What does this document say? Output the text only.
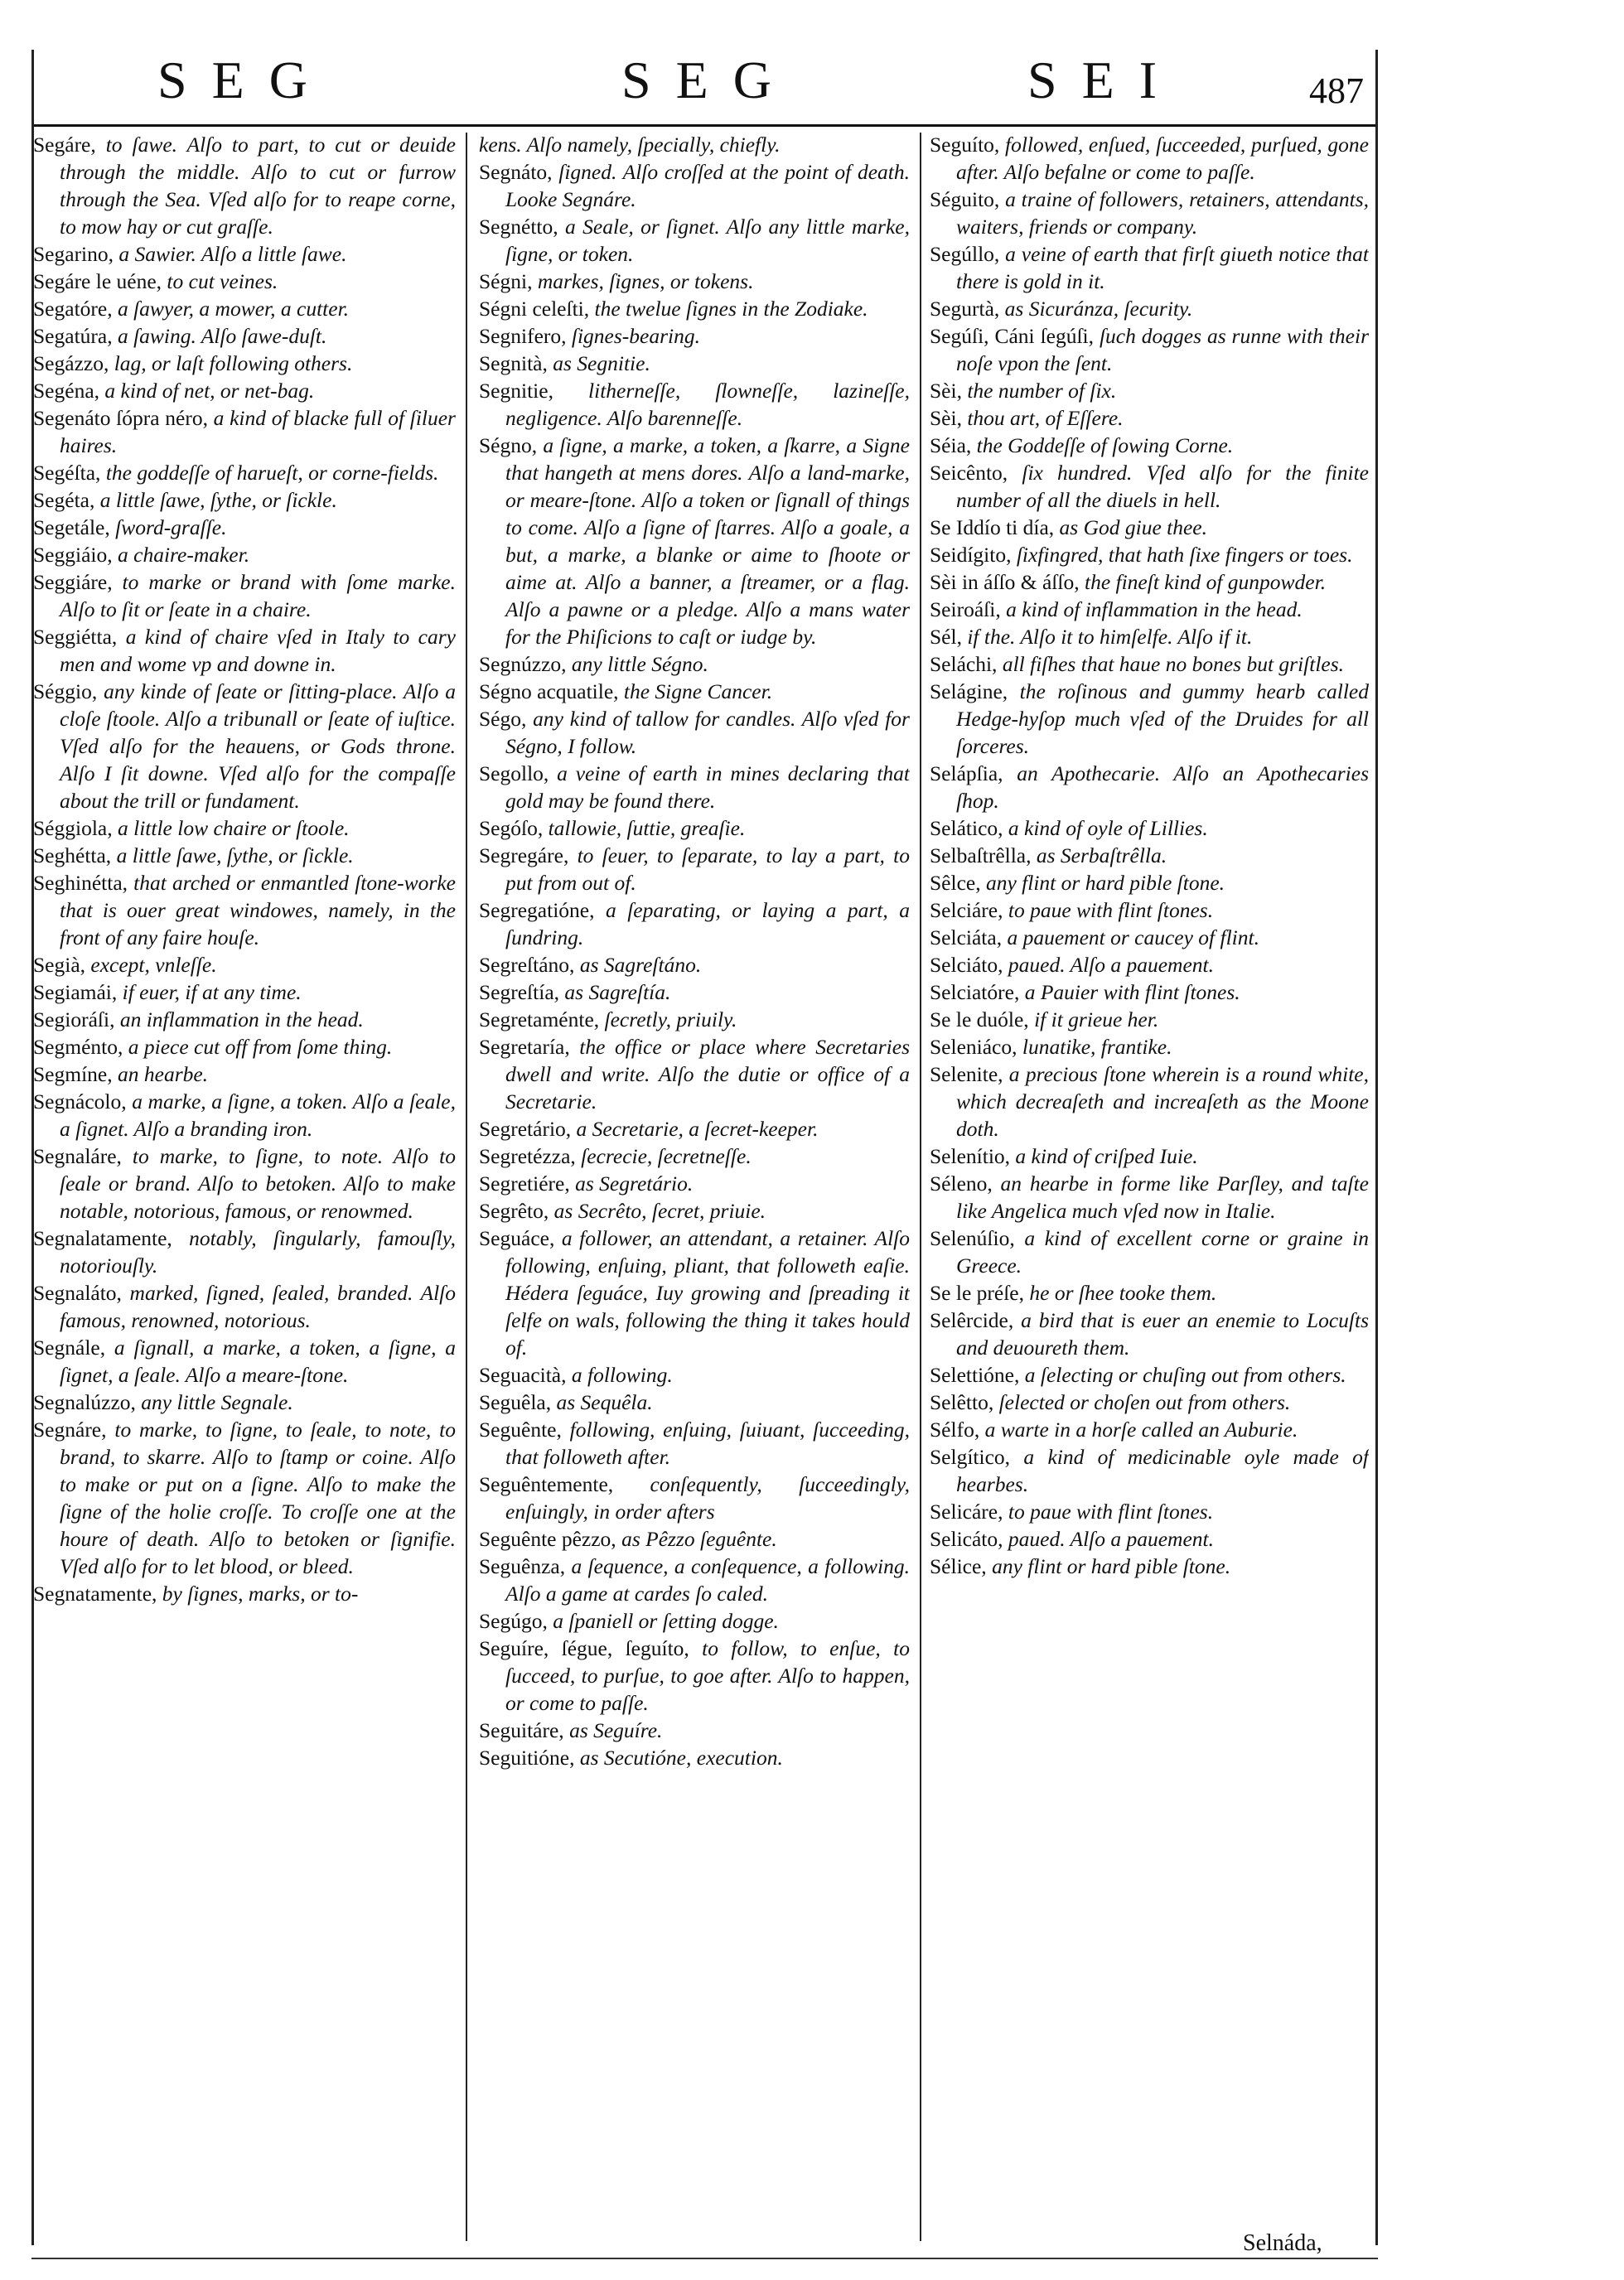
SEG	SEG	SEI	487

Segáre, to ſawe. Alſo to part, to cut or deuide through the middle. Alſo to cut or furrow through the Sea. Vſed alſo for to reape corne, to mow hay or cut graſſe.

Segarino, a Sawier. Alſo a little ſawe.

Segáre le uéne, to cut veines.

Segatóre, a ſawyer, a mower, a cutter.

Segatúra, a ſawing. Alſo ſawe-duſt.

Segázzo, lag, or laſt following others.

Segéna, a kind of net, or net-bag.

Segenáto ſópra néro, a kind of blacke full of ſiluer haires.

Segéſta, the goddeſſe of harueſt, or corne-fields.

Segéta, a little ſawe, ſythe, or ſickle.

Segetále, ſword-graſſe.

Seggiáio, a chaire-maker.

Seggiáre, to marke or brand with ſome marke. Alſo to ſit or ſeate in a chaire.

Seggiétta, a kind of chaire vſed in Italy to cary men and wome vp and downe in.

Séggio, any kinde of ſeate or ſitting-place. Alſo a cloſe ſtoole. Alſo a tribunall or ſeate of iuſtice. Vſed alſo for the heauens, or Gods throne. Alſo I ſit downe. Vſed alſo for the compaſſe about the trill or fundament.

Séggiola, a little low chaire or ſtoole.

Seghétta, a little ſawe, ſythe, or ſickle.

Seghinétta, that arched or enmantled ſtone-worke that is ouer great windowes, namely, in the front of any faire houſe.

Segià, except, vnleſſe.

Segiamái, if euer, if at any time.

Segioráſi, an inflammation in the head.

Segménto, a piece cut off from ſome thing.

Segmíne, an hearbe.

Segnácolo, a marke, a ſigne, a token. Alſo a ſeale, a ſignet. Alſo a branding iron.

Segnaláre, to marke, to ſigne, to note. Alſo to ſeale or brand. Alſo to betoken. Alſo to make notable, notorious, famous, or renowmed.

Segnalatamente, notably, ſingularly, famouſly, notoriouſly.

Segnaláto, marked, ſigned, ſealed, branded. Alſo famous, renowned, notorious.

Segnále, a ſignall, a marke, a token, a ſigne, a ſignet, a ſeale. Alſo a meare-ſtone.

Segnalúzzo, any little Segnale.

Segnáre, to marke, to ſigne, to ſeale, to note, to brand, to skarre. Alſo to ſtamp or coine. Alſo to make or put on a ſigne. Alſo to make the ſigne of the holie croſſe. To croſſe one at the houre of death. Alſo to betoken or ſignifie. Vſed alſo for to let blood, or bleed.

Segnatamente, by ſignes, marks, or to-

kens. Alſo namely, ſpecially, chiefly.

Segnáto, ſigned. Alſo croſſed at the point of death. Looke Segnáre.

Segnétto, a Seale, or ſignet. Alſo any little marke, ſigne, or token.

Ségni, markes, ſignes, or tokens.

Ségni celeſti, the twelue ſignes in the Zodiake.

Segnifero, ſignes-bearing.

Segnità, as Segnitie.

Segnitie, litherneſſe, ſlowneſſe, lazineſſe, negligence. Alſo barenneſſe.

Ségno, a ſigne, a marke, a token, a ſkarre, a Signe that hangeth at mens dores. Alſo a land-marke, or meare-ſtone. Alſo a token or ſignall of things to come. Alſo a ſigne of ſtarres. Alſo a goale, a but, a marke, a blanke or aime to ſhoote or aime at. Alſo a banner, a ſtreamer, or a flag. Alſo a pawne or a pledge. Alſo a mans water for the Phiſicions to caſt or iudge by.

Segnúzzo, any little Ségno.

Ségno acquatile, the Signe Cancer.

Ségo, any kind of tallow for candles. Alſo vſed for Ségno, I follow.

Segollo, a veine of earth in mines declaring that gold may be found there.

Segóſo, tallowie, ſuttie, greaſie.

Segregáre, to ſeuer, to ſeparate, to lay a part, to put from out of.

Segregatióne, a ſeparating, or laying a part, a ſundring.

Segreſtáno, as Sagreſtáno.

Segreſtía, as Sagreſtía.

Segretaménte, ſecretly, priuily.

Segretaría, the office or place where Secretaries dwell and write. Alſo the dutie or office of a Secretarie.

Segretário, a Secretarie, a ſecret-keeper.

Segretézza, ſecrecie, ſecretneſſe.

Segretiére, as Segretário.

Segrêto, as Secrêto, ſecret, priuie.

Seguáce, a follower, an attendant, a retainer. Alſo following, enſuing, pliant, that followeth eaſie. Hédera ſeguáce, Iuy growing and ſpreading it ſelfe on wals, following the thing it takes hould of.

Seguacità, a following.

Seguêla, as Sequêla.

Seguênte, following, enſuing, ſuiuant, ſucceeding, that followeth after.

Seguêntemente, conſequently, ſucceedingly, enſuingly, in order afters

Seguênte pêzzo, as Pêzzo ſeguênte.

Seguênza, a ſequence, a conſequence, a following. Alſo a game at cardes ſo caled.

Segúgo, a ſpaniell or ſetting dogge.

Seguíre, ſégue, ſeguíto, to follow, to enſue, to ſucceed, to purſue, to goe after. Alſo to happen, or come to paſſe.

Seguitáre, as Seguíre.

Seguitióne, as Secutióne, execution.

Seguíto, followed, enſued, ſucceeded, purſued, gone after. Alſo befalne or come to paſſe.

Séguito, a traine of followers, retainers, attendants, waiters, friends or company.

Segúllo, a veine of earth that firſt giueth notice that there is gold in it.

Segurtà, as Sicuránza, ſecurity.

Segúſi, Cáni ſegúſi, ſuch dogges as runne with their noſe vpon the ſent.

Sèi, the number of ſix.

Sèi, thou art, of Eſſere.

Séia, the Goddeſſe of ſowing Corne.

Seicênto, ſix hundred. Vſed alſo for the finite number of all the diuels in hell.

Se Iddío ti día, as God giue thee.

Seidígito, ſixfingred, that hath ſixe fingers or toes.

Sèi in áſſo & áſſo, the fineſt kind of gunpowder.

Seiroáſi, a kind of inflammation in the head.

Sél, if the. Alſo it to himſelfe. Alſo if it.

Seláchi, all fiſhes that haue no bones but griſtles.

Selágine, the roſinous and gummy hearb called Hedge-hyſop much vſed of the Druides for all ſorceres.

Selápſia, an Apothecarie. Alſo an Apothecaries ſhop.

Selático, a kind of oyle of Lillies.

Selbaſtrêlla, as Serbaſtrêlla.

Sêlce, any flint or hard pible ſtone.

Selciáre, to paue with flint ſtones.

Selciáta, a pauement or caucey of flint.

Selciáto, paued. Alſo a pauement.

Selciatóre, a Pauier with flint ſtones.

Se le duóle, if it grieue her.

Seleniáco, lunatike, frantike.

Selenite, a precious ſtone wherein is a round white, which decreaſeth and increaſeth as the Moone doth.

Selenítio, a kind of criſped Iuie.

Séleno, an hearbe in forme like Parſley, and taſte like Angelica much vſed now in Italie.

Selenúſio, a kind of excellent corne or graine in Greece.

Se le préſe, he or ſhee tooke them.

Selêrcide, a bird that is euer an enemie to Locuſts and deuoureth them.

Selettióne, a ſelecting or chuſing out from others.

Selêtto, ſelected or choſen out from others.

Sélfo, a warte in a horſe called an Auburie.

Selgítico, a kind of medicinable oyle made of hearbes.

Selicáre, to paue with flint ſtones.

Selicáto, paued. Alſo a pauement.

Sélice, any flint or hard pible ſtone.

Selnáda,
